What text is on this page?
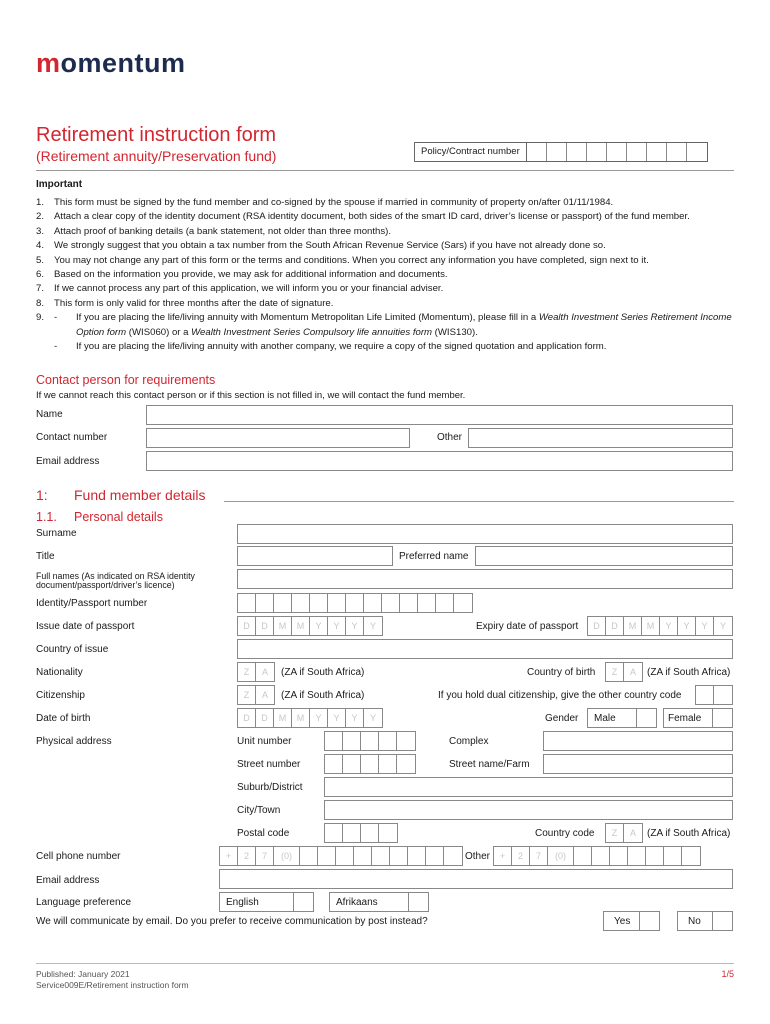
momentum
Retirement instruction form
(Retirement annuity/Preservation fund)	Policy/Contract number
Important
1.	This form must be signed by the fund member and co-signed by the spouse if married in community of property on/after 01/11/1984.
2.	Attach a clear copy of the identity document (RSA identity document, both sides of the smart ID card, driver’s license or passport) of the fund member.
3.	Attach proof of banking details (a bank statement, not older than three months).
4.	We strongly suggest that you obtain a tax number from the South African Revenue Service (Sars) if you have not already done so.
5.	You may not change any part of this form or the terms and conditions. When you correct any information you have completed, sign next to it.
6.	Based on the information you provide, we may ask for additional information and documents.
7.	If we cannot process any part of this application, we will inform you or your financial adviser.
8.	This form is only valid for three months after the date of signature.
9.	-	If you are placing the life/living annuity with Momentum Metropolitan Life Limited (Momentum), please fill in a Wealth Investment Series Retirement Income Option form (WIS060) or a Wealth Investment Series Compulsory life annuities form (WIS130).
-	If you are placing the life/living annuity with another company, we require a copy of the signed quotation and application form.
Contact person for requirements
If we cannot reach this contact person or if this section is not filled in, we will contact the fund member.
Name
Contact number	Other
Email address
1: Fund member details
1.1. Personal details
Surname
Title	Preferred name
Full names (As indicated on RSA identity document/passport/driver’s licence)
Identity/Passport number
Issue date of passport	D	D	M	M	Y	Y	Y	Y	Expiry date of passport	D	D	M	M	Y	Y	Y	Y
Country of issue
Nationality	Z	A	(ZA if South Africa)	Country of birth	Z	A	(ZA if South Africa)
Citizenship	Z	A	(ZA if South Africa)	If you hold dual citizenship, give the other country code
Date of birth	D	D	M	M	Y	Y	Y	Y	Gender Male	Female
Physical address	Unit number	Complex
Street number	Street name/Farm
Suburb/District
City/Town
Postal code	Country code	Z	A	(ZA if South Africa)
Cell phone number	+	2	7	(0)	Other	+	2	7	(0)
Email address
Language preference	English	Afrikaans
We will communicate by email. Do you prefer to receive communication by post instead?	Yes	No
Published: January 2021
Service009E/Retirement instruction form
1/5
